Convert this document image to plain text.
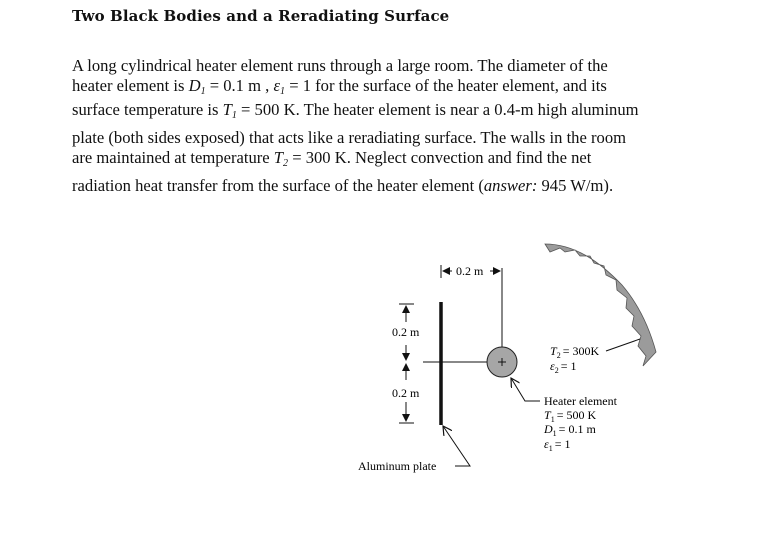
Two Black Bodies and a Reradiating Surface
A long cylindrical heater element runs through a large room. The diameter of the
heater element is $D_1 = 0.1$ m , $\varepsilon_1 = 1$ for the surface of the heater element, and its
surface temperature is $T_1 = 500$ K. The heater element is near a 0.4-m high aluminum
plate (both sides exposed) that acts like a reradiating surface. The walls in the room
are maintained at temperature $T_2 = 300$ K. Neglect convection and find the net
radiation heat transfer from the surface of the heater element (answer: 945 W/m).
0.2 m
0.2 m
0.2 m
$T_2 = 300K$
$\varepsilon_2 = 1$
Heater element
$T_1 = 500$ K
$D_1 = 0.1$ m
$\varepsilon_1 = 1$
Aluminum plate
